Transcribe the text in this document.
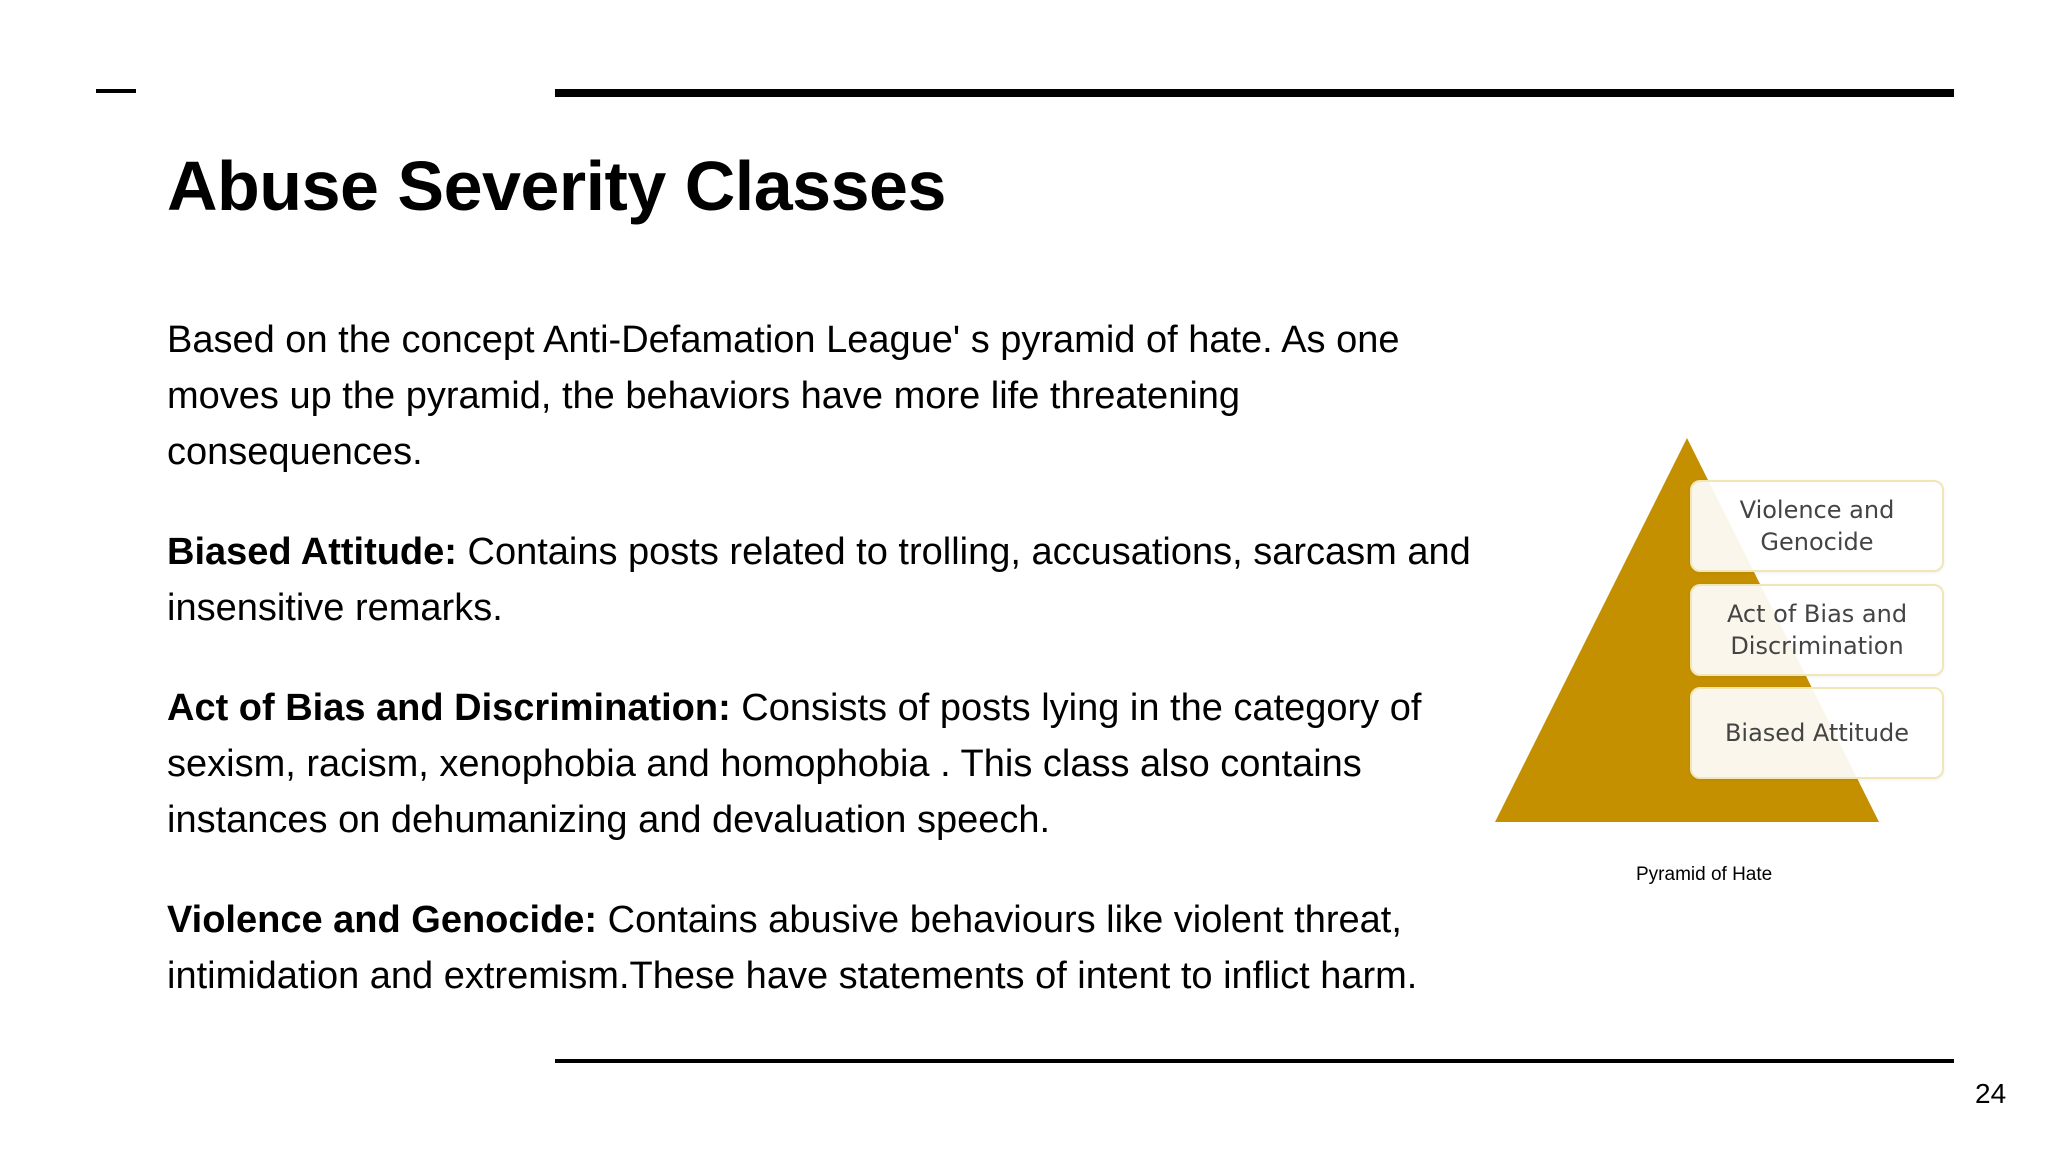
Abuse Severity Classes

Based on the concept Anti-Defamation League' s pyramid of hate. As one moves up the pyramid, the behaviors have more life threatening consequences.

Biased Attitude: Contains posts related to trolling, accusations, sarcasm and insensitive remarks.

Act of Bias and Discrimination: Consists of posts lying in the category of sexism, racism, xenophobia and homophobia . This class also contains instances on dehumanizing and devaluation speech.

Violence and Genocide: Contains abusive behaviours like violent threat, intimidation and extremism.These have statements of intent to inflict harm.

Violence and
Genocide
Act of Bias and
Discrimination
Biased Attitude
Pyramid of Hate
24
